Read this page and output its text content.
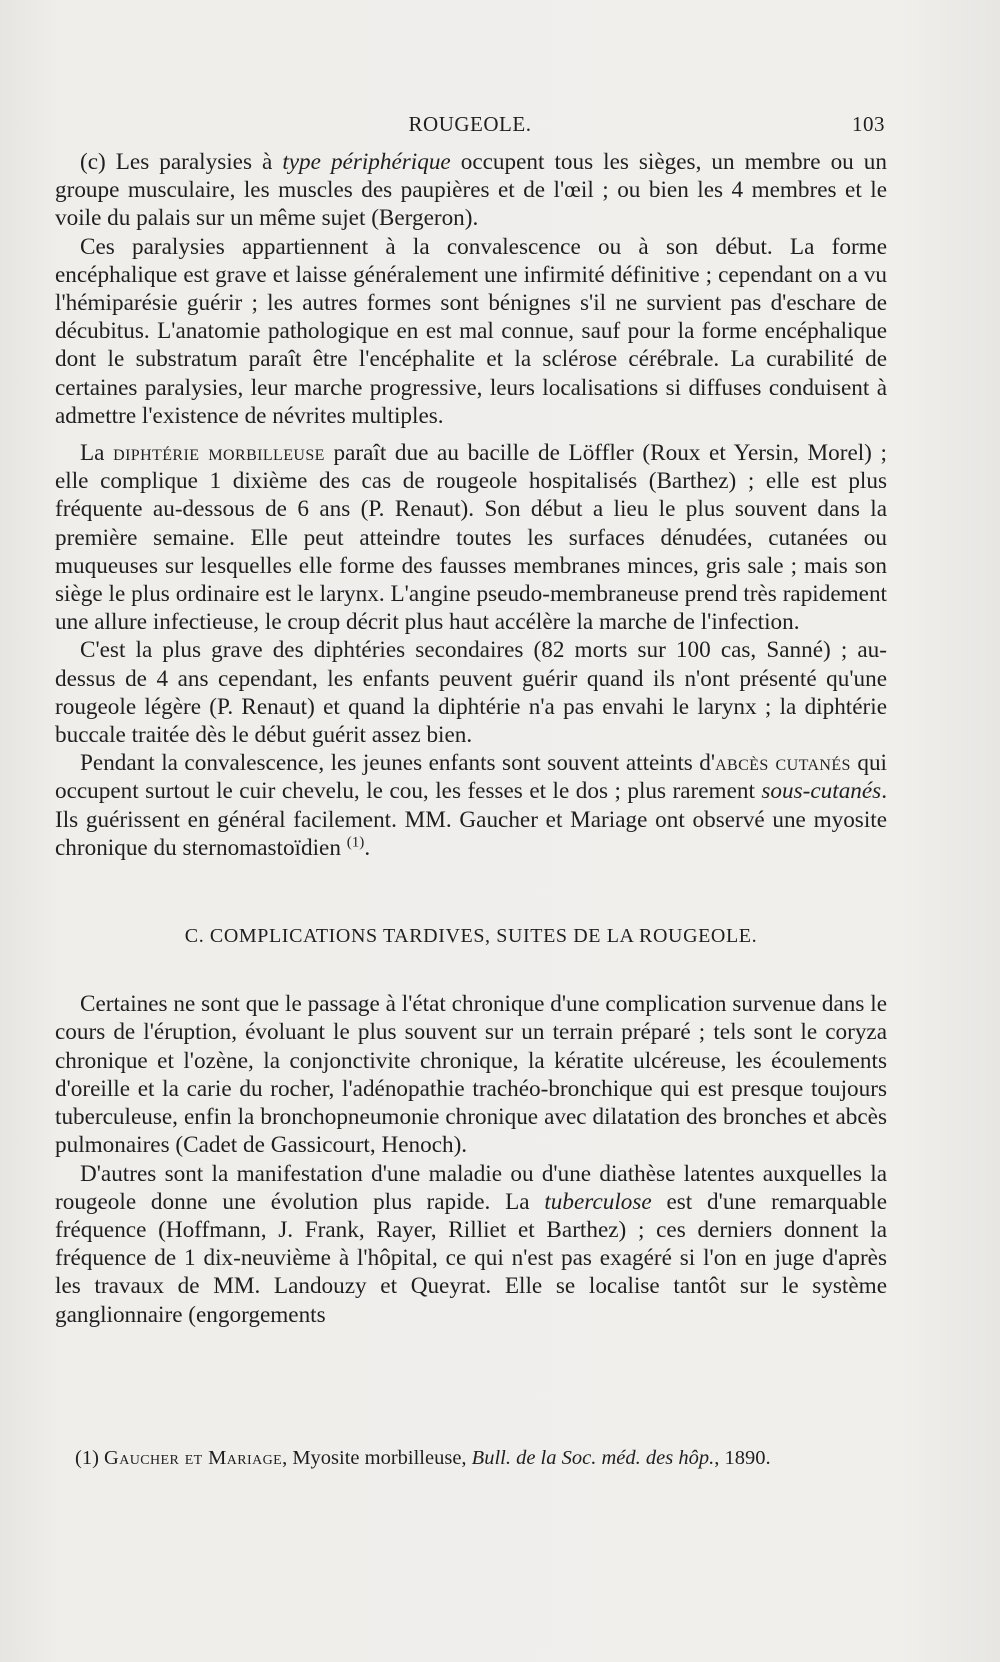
ROUGEOLE.	103

(c) Les paralysies à type périphérique occupent tous les sièges, un membre ou un groupe musculaire, les muscles des paupières et de l'œil ; ou bien les 4 membres et le voile du palais sur un même sujet (Bergeron).

Ces paralysies appartiennent à la convalescence ou à son début. La forme encéphalique est grave et laisse généralement une infirmité définitive ; cependant on a vu l'hémiparésie guérir ; les autres formes sont bénignes s'il ne survient pas d'eschare de décubitus. L'anatomie pathologique en est mal connue, sauf pour la forme encéphalique dont le substratum paraît être l'encéphalite et la sclérose cérébrale. La curabilité de certaines paralysies, leur marche progressive, leurs localisations si diffuses conduisent à admettre l'existence de névrites multiples.

La diphtérie morbilleuse paraît due au bacille de Löffler (Roux et Yersin, Morel) ; elle complique 1 dixième des cas de rougeole hospitalisés (Barthez) ; elle est plus fréquente au-dessous de 6 ans (P. Renaut). Son début a lieu le plus souvent dans la première semaine. Elle peut atteindre toutes les surfaces dénudées, cutanées ou muqueuses sur lesquelles elle forme des fausses membranes minces, gris sale ; mais son siège le plus ordinaire est le larynx. L'angine pseudo-membraneuse prend très rapidement une allure infectieuse, le croup décrit plus haut accélère la marche de l'infection.

C'est la plus grave des diphtéries secondaires (82 morts sur 100 cas, Sanné) ; au-dessus de 4 ans cependant, les enfants peuvent guérir quand ils n'ont présenté qu'une rougeole légère (P. Renaut) et quand la diphtérie n'a pas envahi le larynx ; la diphtérie buccale traitée dès le début guérit assez bien.

Pendant la convalescence, les jeunes enfants sont souvent atteints d'abcès cutanés qui occupent surtout le cuir chevelu, le cou, les fesses et le dos ; plus rarement sous-cutanés. Ils guérissent en général facilement. MM. Gaucher et Mariage ont observé une myosite chronique du sternomastoïdien $^{(1)}$.

C. COMPLICATIONS TARDIVES, SUITES DE LA ROUGEOLE.

Certaines ne sont que le passage à l'état chronique d'une complication survenue dans le cours de l'éruption, évoluant le plus souvent sur un terrain préparé ; tels sont le coryza chronique et l'ozène, la conjonctivite chronique, la kératite ulcéreuse, les écoulements d'oreille et la carie du rocher, l'adénopathie trachéo-bronchique qui est presque toujours tuberculeuse, enfin la bronchopneumonie chronique avec dilatation des bronches et abcès pulmonaires (Cadet de Gassicourt, Henoch).

D'autres sont la manifestation d'une maladie ou d'une diathèse latentes auxquelles la rougeole donne une évolution plus rapide. La tuberculose est d'une remarquable fréquence (Hoffmann, J. Frank, Rayer, Rilliet et Barthez) ; ces derniers donnent la fréquence de 1 dix-neuvième à l'hôpital, ce qui n'est pas exagéré si l'on en juge d'après les travaux de MM. Landouzy et Queyrat. Elle se localise tantôt sur le système ganglionnaire (engorgements

(1) Gaucher et Mariage, Myosite morbilleuse, Bull. de la Soc. méd. des hôp., 1890.
